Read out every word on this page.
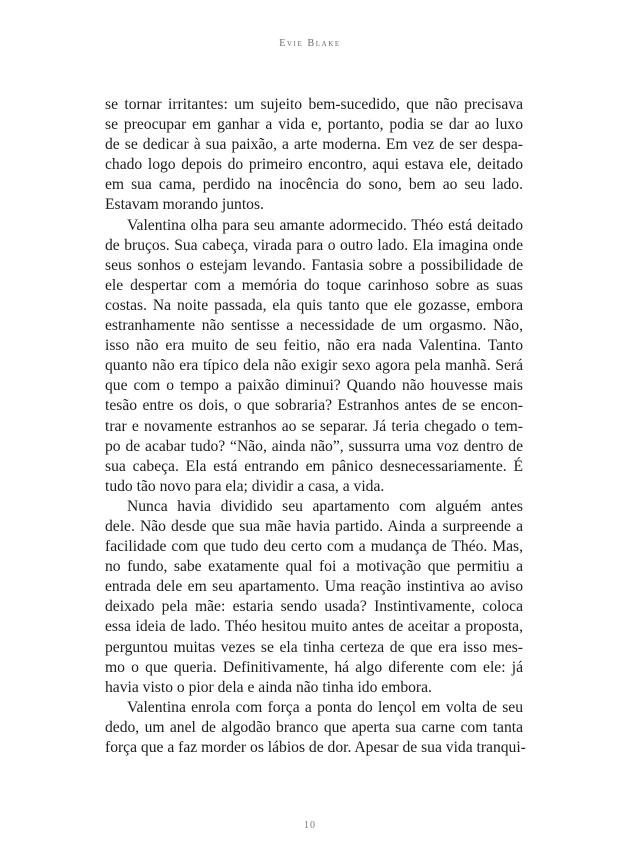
Evie Blake

se tornar irritantes: um sujeito bem-sucedido, que não precisava
se preocupar em ganhar a vida e, portanto, podia se dar ao luxo
de se dedicar à sua paixão, a arte moderna. Em vez de ser despa-
chado logo depois do primeiro encontro, aqui estava ele, deitado
em sua cama, perdido na inocência do sono, bem ao seu lado.
Estavam morando juntos.

Valentina olha para seu amante adormecido. Théo está deitado
de bruços. Sua cabeça, virada para o outro lado. Ela imagina onde
seus sonhos o estejam levando. Fantasia sobre a possibilidade de
ele despertar com a memória do toque carinhoso sobre as suas
costas. Na noite passada, ela quis tanto que ele gozasse, embora
estranhamente não sentisse a necessidade de um orgasmo. Não,
isso não era muito de seu feitio, não era nada Valentina. Tanto
quanto não era típico dela não exigir sexo agora pela manhã. Será
que com o tempo a paixão diminui? Quando não houvesse mais
tesão entre os dois, o que sobraria? Estranhos antes de se encon-
trar e novamente estranhos ao se separar. Já teria chegado o tem-
po de acabar tudo? “Não, ainda não”, sussurra uma voz dentro de
sua cabeça. Ela está entrando em pânico desnecessariamente. É
tudo tão novo para ela; dividir a casa, a vida.

Nunca havia dividido seu apartamento com alguém antes
dele. Não desde que sua mãe havia partido. Ainda a surpreende a
facilidade com que tudo deu certo com a mudança de Théo. Mas,
no fundo, sabe exatamente qual foi a motivação que permitiu a
entrada dele em seu apartamento. Uma reação instintiva ao aviso
deixado pela mãe: estaria sendo usada? Instintivamente, coloca
essa ideia de lado. Théo hesitou muito antes de aceitar a proposta,
perguntou muitas vezes se ela tinha certeza de que era isso mes-
mo o que queria. Definitivamente, há algo diferente com ele: já
havia visto o pior dela e ainda não tinha ido embora.

Valentina enrola com força a ponta do lençol em volta de seu
dedo, um anel de algodão branco que aperta sua carne com tanta
força que a faz morder os lábios de dor. Apesar de sua vida tranqui-

10
